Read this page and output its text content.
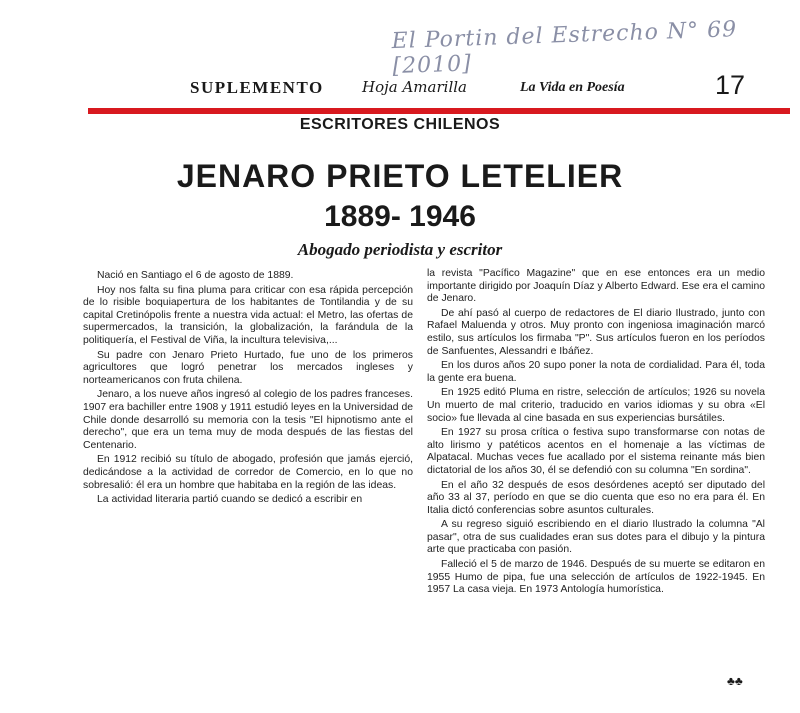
El Portin del Estrecho N° 69 [2010]
SUPLEMENTO	Hoja Amarilla	La Vida en Poesía	17
ESCRITORES CHILENOS
JENARO PRIETO LETELIER
1889- 1946
Abogado periodista y escritor

Nació en Santiago el 6 de agosto de 1889.

Hoy nos falta su fina pluma para criticar con esa rápida percepción de lo risible boquiapertura de los habitantes de Tontilandia y de su capital Cretinópolis frente a nuestra vida actual: el Metro, las ofertas de supermercados, la transición, la globalización, la farándula de la politiquería, el Festival de Viña, la incultura televisiva,...

Su padre con Jenaro Prieto Hurtado, fue uno de los primeros agricultores que logró penetrar los mercados ingleses y norteamericanos con fruta chilena.

Jenaro, a los nueve años ingresó al colegio de los padres franceses. 1907 era bachiller entre 1908 y 1911 estudió leyes en la Universidad de Chile donde desarrolló su memoria con la tesis "El hipnotismo ante el derecho", que era un tema muy de moda después de las fiestas del Centenario.

En 1912 recibió su título de abogado, profesión que jamás ejerció, dedicándose a la actividad de corredor de Comercio, en lo que no sobresalió: él era un hombre que habitaba en la región de las ideas.

La actividad literaria partió cuando se dedicó a escribir en

la revista "Pacífico Magazine" que en ese entonces era un medio importante dirigido por Joaquín Díaz y Alberto Edward. Ese era el camino de Jenaro.

De ahí pasó al cuerpo de redactores de El diario Ilustrado, junto con Rafael Maluenda y otros. Muy pronto con ingeniosa imaginación marcó estilo, sus artículos los firmaba "P". Sus artículos fueron en los períodos de Sanfuentes, Alessandri e Ibáñez.

En los duros años 20 supo poner la nota de cordialidad. Para él, toda la gente era buena.

En 1925 editó Pluma en ristre, selección de artículos; 1926 su novela Un muerto de mal criterio, traducido en varios idiomas y su obra «El socio» fue llevada al cine basada en sus experiencias bursátiles.

En 1927 su prosa crítica o festiva supo transformarse con notas de alto lirismo y patéticos acentos en el homenaje a las víctimas de Alpatacal. Muchas veces fue acallado por el sistema reinante más bien dictatorial de los años 30, él se defendió con su columna "En sordina".

En el año 32 después de esos desórdenes aceptó ser diputado del año 33 al 37, período en que se dio cuenta que eso no era para él. En Italia dictó conferencias sobre asuntos culturales.

A su regreso siguió escribiendo en el diario Ilustrado la columna "Al pasar", otra de sus cualidades eran sus dotes para el dibujo y la pintura arte que practicaba con pasión.

Falleció el 5 de marzo de 1946. Después de su muerte se editaron en 1955 Humo de pipa, fue una selección de artículos de 1922-1945. En 1957 La casa vieja. En 1973 Antología humorística.

♣♣
